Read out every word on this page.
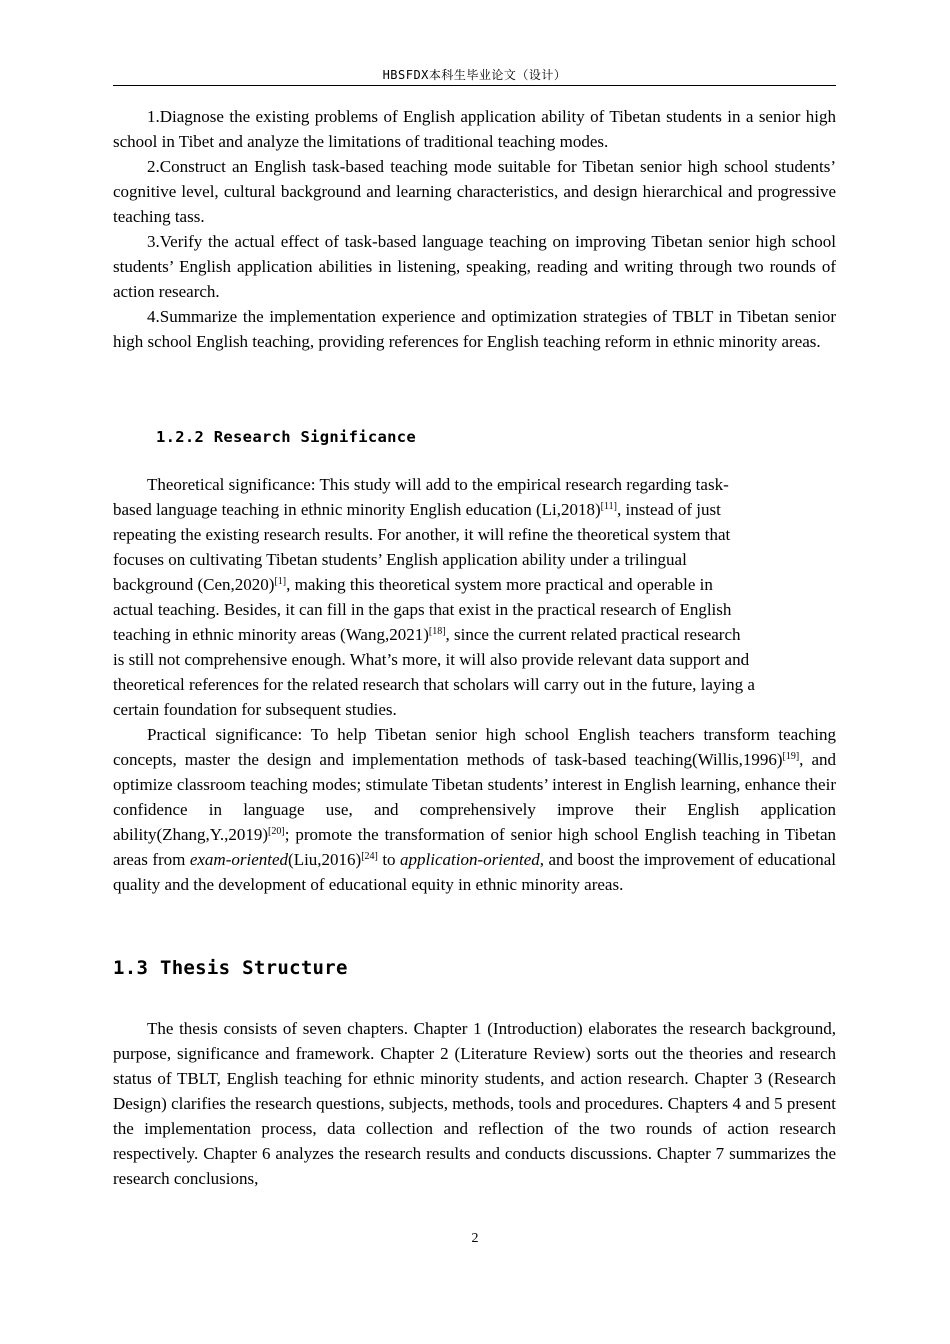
HBSFDX本科生毕业论文（设计）

1.Diagnose the existing problems of English application ability of Tibetan students in a senior high school in Tibet and analyze the limitations of traditional teaching modes.

2.Construct an English task-based teaching mode suitable for Tibetan senior high school students’ cognitive level, cultural background and learning characteristics, and design hierarchical and progressive teaching tass.

3.Verify the actual effect of task-based language teaching on improving Tibetan senior high school students’ English application abilities in listening, speaking, reading and writing through two rounds of action research.

4.Summarize the implementation experience and optimization strategies of TBLT in Tibetan senior high school English teaching, providing references for English teaching reform in ethnic minority areas.

1.2.2 Research Significance
Theoretical significance: This study will add to the empirical research regarding task-
based language teaching in ethnic minority English education (Li,2018)[11], instead of just
repeating the existing research results. For another, it will refine the theoretical system that
focuses on cultivating Tibetan students’ English application ability under a trilingual
background (Cen,2020)[1], making this theoretical system more practical and operable in
actual teaching. Besides, it can fill in the gaps that exist in the practical research of English
teaching in ethnic minority areas (Wang,2021)[18], since the current related practical research
is still not comprehensive enough. What’s more, it will also provide relevant data support and
theoretical references for the related research that scholars will carry out in the future, laying a
certain foundation for subsequent studies.

Practical significance: To help Tibetan senior high school English teachers transform teaching concepts, master the design and implementation methods of task-based teaching(Willis,1996)[19], and optimize classroom teaching modes; stimulate Tibetan students’ interest in English learning, enhance their confidence in language use, and comprehensively improve their English application ability(Zhang,Y.,2019)[20]; promote the transformation of senior high school English teaching in Tibetan areas from exam-oriented(Liu,2016)[24] to application-oriented, and boost the improvement of educational quality and the development of educational equity in ethnic minority areas.

1.3 Thesis Structure

The thesis consists of seven chapters. Chapter 1 (Introduction) elaborates the research background, purpose, significance and framework. Chapter 2 (Literature Review) sorts out the theories and research status of TBLT, English teaching for ethnic minority students, and action research. Chapter 3 (Research Design) clarifies the research questions, subjects, methods, tools and procedures. Chapters 4 and 5 present the implementation process, data collection and reflection of the two rounds of action research respectively. Chapter 6 analyzes the research results and conducts discussions. Chapter 7 summarizes the research conclusions,

2
